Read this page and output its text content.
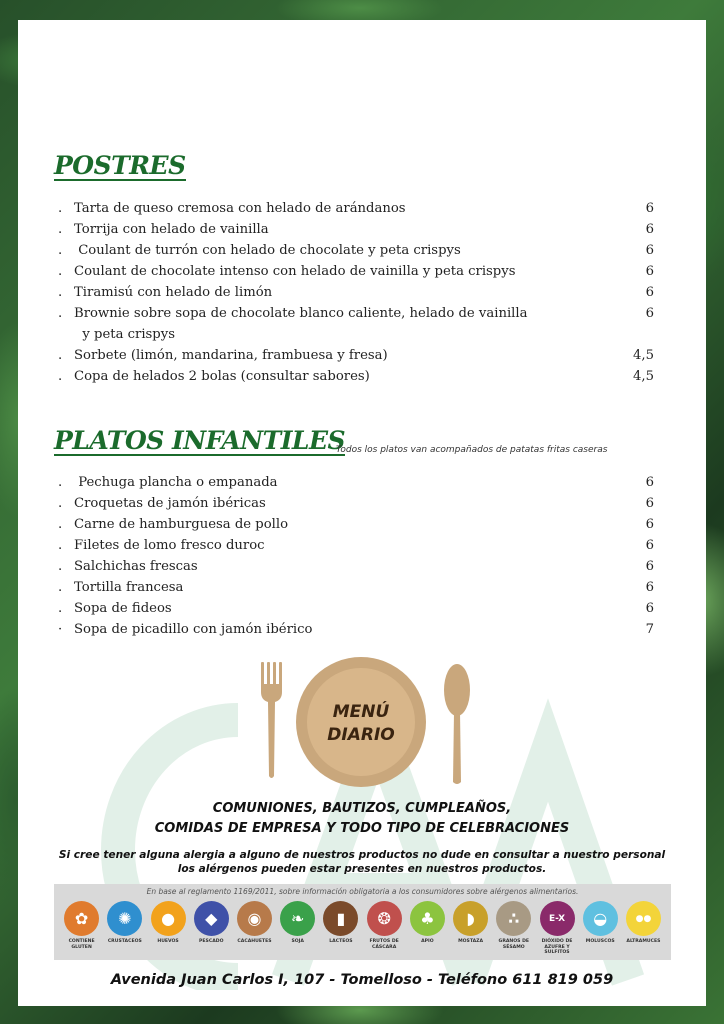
POSTRES
. Tarta de queso cremosa con helado de arándanos	6
. Torrija con helado de vainilla	6
. Coulant de turrón con helado de chocolate y peta crispys	6
. Coulant de chocolate intenso con helado de vainilla y peta crispys	6
. Tiramisú con helado de limón	6
. Brownie sobre sopa de chocolate blanco caliente, helado de vainilla	6
y peta crispys
. Sorbete (limón, mandarina, frambuesa y fresa)	4,5
. Copa de helados 2 bolas (consultar sabores)	4,5
PLATOS INFANTILES
Todos los platos van acompañados de patatas fritas caseras
. Pechuga plancha o empanada	6
. Croquetas de jamón ibéricas	6
. Carne de hamburguesa de pollo	6
. Filetes de lomo fresco duroc	6
. Salchichas frescas	6
. Tortilla francesa	6
. Sopa de fideos	6
· Sopa de picadillo con jamón ibérico	7
MENÚ
DIARIO
COMUNIONES, BAUTIZOS, CUMPLEAÑOS,
COMIDAS DE EMPRESA Y TODO TIPO DE CELEBRACIONES
Si cree tener alguna alergia a alguno de nuestros productos no dude en consultar a nuestro personal
los alérgenos pueden estar presentes en nuestros productos.
En base al reglamento 1169/2011, sobre información obligatoria a los consumidores sobre alérgenos alimentarios.
✿
CONTIENE GLUTEN
✺
CRUSTACEOS
●
HUEVOS
◆
PESCADO
◉
CACAHUETES
❧
SOJA
▮
LACTEOS
❂
FRUTOS DE CÁSCARA
♣
APIO
◗
MOSTAZA
∴
GRANOS DE SÉSAMO
E-X
DIÓXIDO DE AZUFRE Y SULFITOS
◒
MOLUSCOS
●●
ALTRAMUCES
Avenida Juan Carlos I, 107 - Tomelloso - Teléfono 611 819 059
